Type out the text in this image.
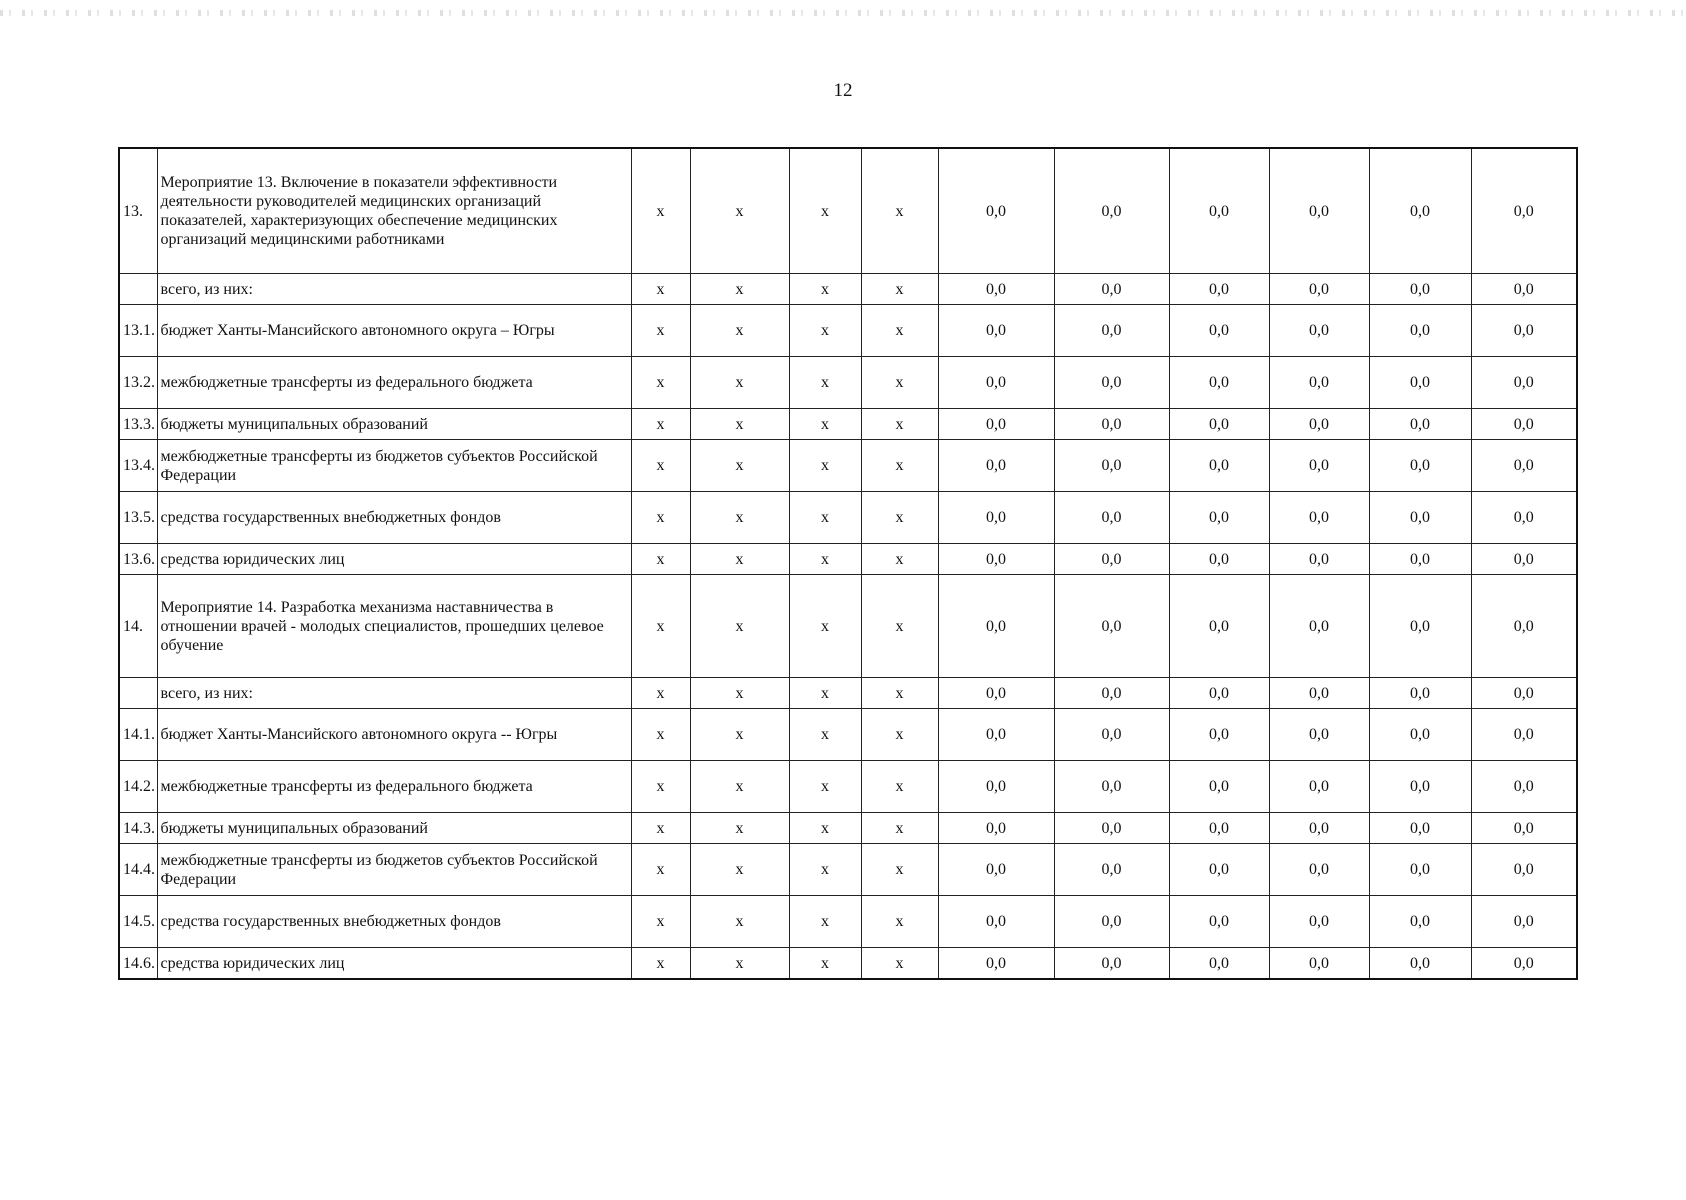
12
13.	Мероприятие 13. Включение в показатели эффективности деятельности руководителей медицинских организаций показателей, характеризующих обеспечение медицинских организаций медицинскими работниками	x	x	x	x	0,0	0,0	0,0	0,0	0,0	0,0
	всего, из них:	x	x	x	x	0,0	0,0	0,0	0,0	0,0	0,0
13.1.	бюджет Ханты-Мансийского автономного округа – Югры	x	x	x	x	0,0	0,0	0,0	0,0	0,0	0,0
13.2.	межбюджетные трансферты из федерального бюджета	x	x	x	x	0,0	0,0	0,0	0,0	0,0	0,0
13.3.	бюджеты муниципальных образований	x	x	x	x	0,0	0,0	0,0	0,0	0,0	0,0
13.4.	межбюджетные трансферты из бюджетов субъектов Российской Федерации	x	x	x	x	0,0	0,0	0,0	0,0	0,0	0,0
13.5.	средства государственных внебюджетных фондов	x	x	x	x	0,0	0,0	0,0	0,0	0,0	0,0
13.6.	средства юридических лиц	x	x	x	x	0,0	0,0	0,0	0,0	0,0	0,0
14.	Мероприятие 14. Разработка механизма наставничества в отношении врачей - молодых специалистов, прошедших целевое обучение	x	x	x	x	0,0	0,0	0,0	0,0	0,0	0,0
	всего, из них:	x	x	x	x	0,0	0,0	0,0	0,0	0,0	0,0
14.1.	бюджет Ханты-Мансийского автономного округа -- Югры	x	x	x	x	0,0	0,0	0,0	0,0	0,0	0,0
14.2.	межбюджетные трансферты из федерального бюджета	x	x	x	x	0,0	0,0	0,0	0,0	0,0	0,0
14.3.	бюджеты муниципальных образований	x	x	x	x	0,0	0,0	0,0	0,0	0,0	0,0
14.4.	межбюджетные трансферты из бюджетов субъектов Российской Федерации	x	x	x	x	0,0	0,0	0,0	0,0	0,0	0,0
14.5.	средства государственных внебюджетных фондов	x	x	x	x	0,0	0,0	0,0	0,0	0,0	0,0
14.6.	средства юридических лиц	x	x	x	x	0,0	0,0	0,0	0,0	0,0	0,0
